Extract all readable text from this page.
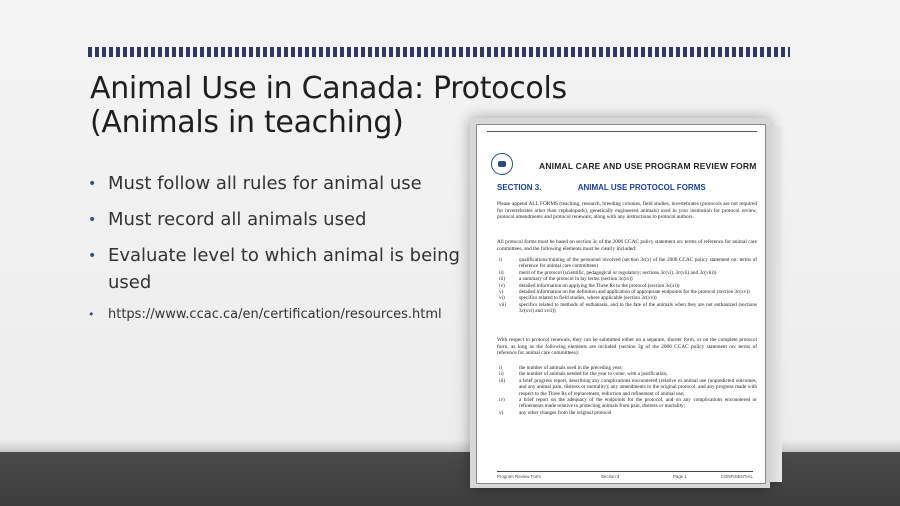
Animal Use in Canada: Protocols
(Animals in teaching)
• Must follow all rules for animal use
• Must record all animals used
• Evaluate level to which animal is being used
• https://www.ccac.ca/en/certification/resources.html
ANIMAL CARE AND USE PROGRAM REVIEW FORM
SECTION 3.	ANIMAL USE PROTOCOL FORMS
Please append ALL FORMS (teaching, research, breeding colonies, field studies, invertebrates (protocols are not required for invertebrates other than cephalopods), genetically engineered animals) used in your institution for protocol review, protocol amendments and protocol renewals; along with any instructions to protocol authors.
All protocol forms must be based on section 3c of the 2006 CCAC policy statement on: terms of reference for animal care committees, and the following elements must be clearly included:
i)	qualifications/training of the personnel involved (section 3c(x) of the 2006 CCAC policy statement on: terms of reference for animal care committees)
ii)	merit of the protocol (scientific, pedagogical or regulatory; sections 3c(vi), 3c(vii) and 3c(viii))
iii)	a summary of the protocol in lay terms (section 3c(ix))
iv)	detailed information on applying the Three Rs to the protocol (section 3c(xi))
v)	detailed information on the definition and application of appropriate endpoints for the protocol (section 3c(xv))
vi)	specifics related to field studies, where applicable (section 3c(xv))
vii) specifics related to methods of euthanasia, and to the fate of the animals when they are not euthanized (sections 3c(xvi) and xvii))
With respect to protocol renewals, they can be submitted either on a separate, shorter form, or on the complete protocol form, as long as the following elements are included (section 3g of the 2006 CCAC policy statement on: terms of reference for animal care committees):
i)	the number of animals used in the preceding year;
ii)	the number of animals needed for the year to come, with a justification;
iii)	a brief progress report, describing any complications encountered (relative to animal use (unpredicted outcomes, and any animal pain, distress or mortality); any amendments to the original protocol, and any progress made with respect to the Three Rs of replacement, reduction and refinement of animal use;
iv)	a brief report on the adequacy of the endpoints for the protocol, and on any complications encountered or refinements made relative to protecting animals from pain, distress or mortality;
v)	any other changes from the original protocol
Program Review Form	Section 3	Page 1	CONFIDENTIAL
